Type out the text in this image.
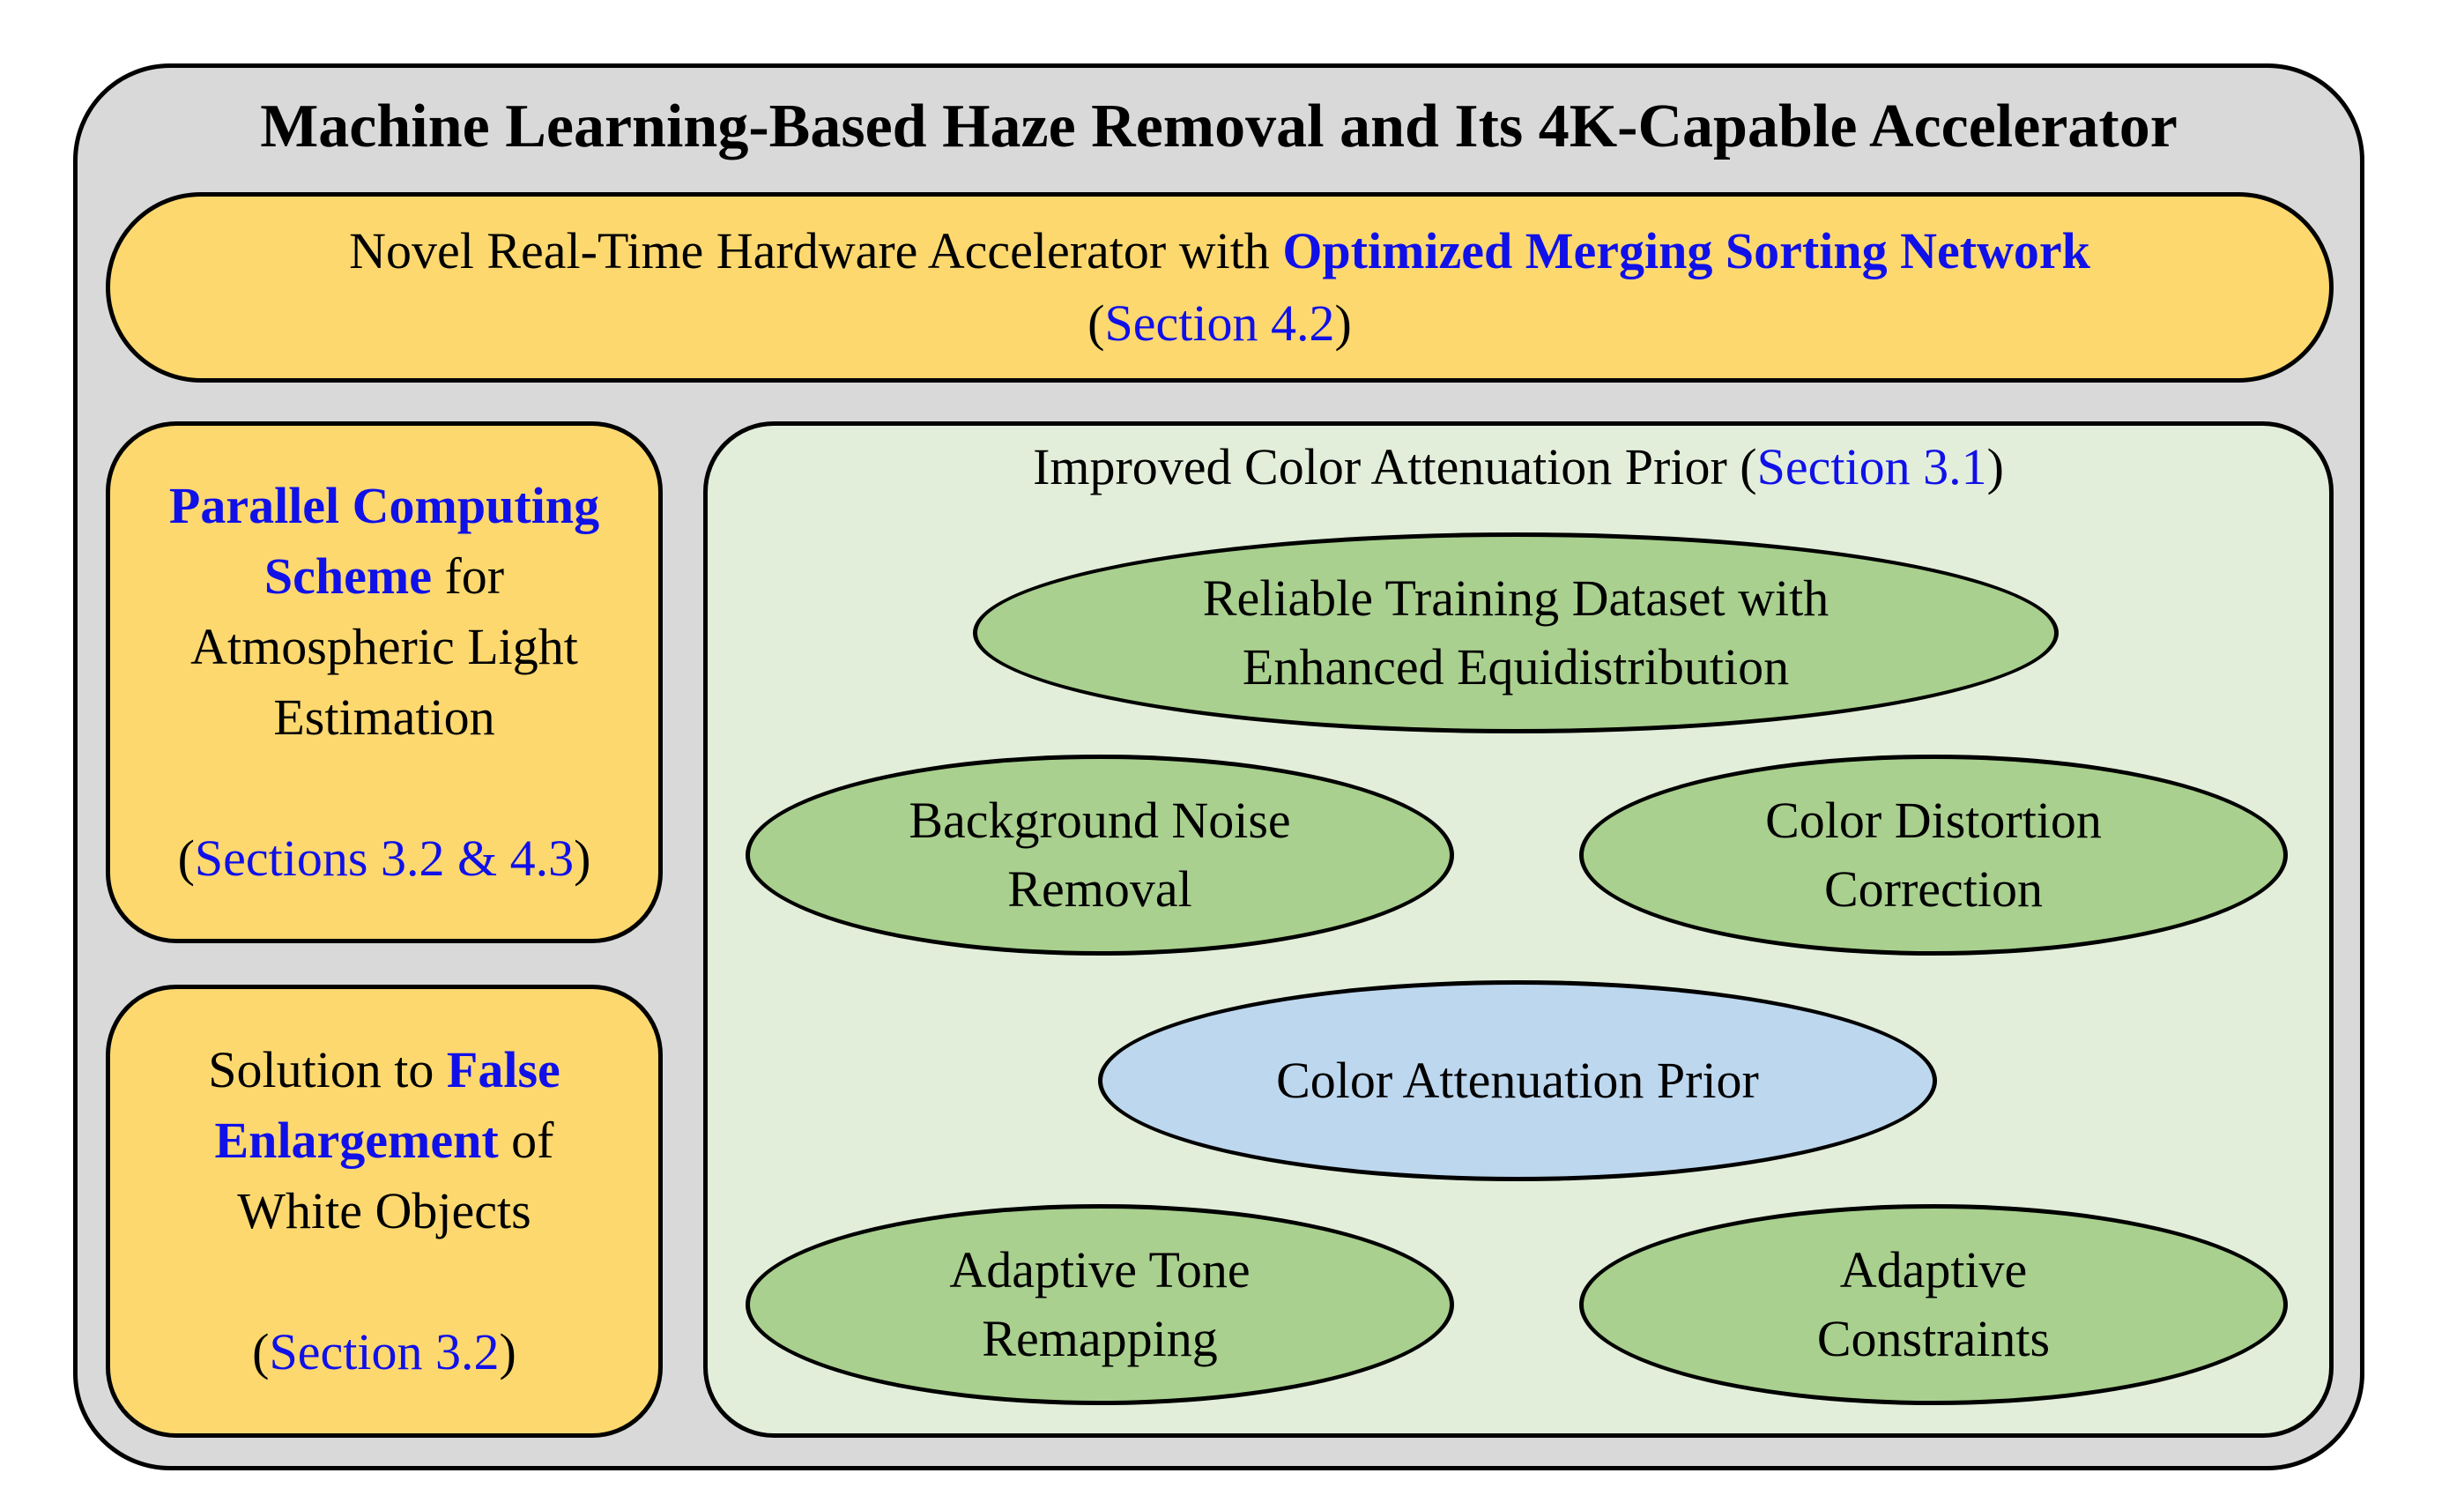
Machine Learning-Based Haze Removal and Its 4K-Capable Accelerator
Novel Real-Time Hardware Accelerator with Optimized Merging Sorting Network
(Section 4.2)
Parallel Computing
Scheme for
Atmospheric Light
Estimation
(Sections 3.2 & 4.3)
Solution to False
Enlargement of
White Objects
(Section 3.2)
Improved Color Attenuation Prior (Section 3.1)
Reliable Training Dataset with
Enhanced Equidistribution
Background Noise
Removal
Color Distortion
Correction
Color Attenuation Prior
Adaptive Tone
Remapping
Adaptive
Constraints
